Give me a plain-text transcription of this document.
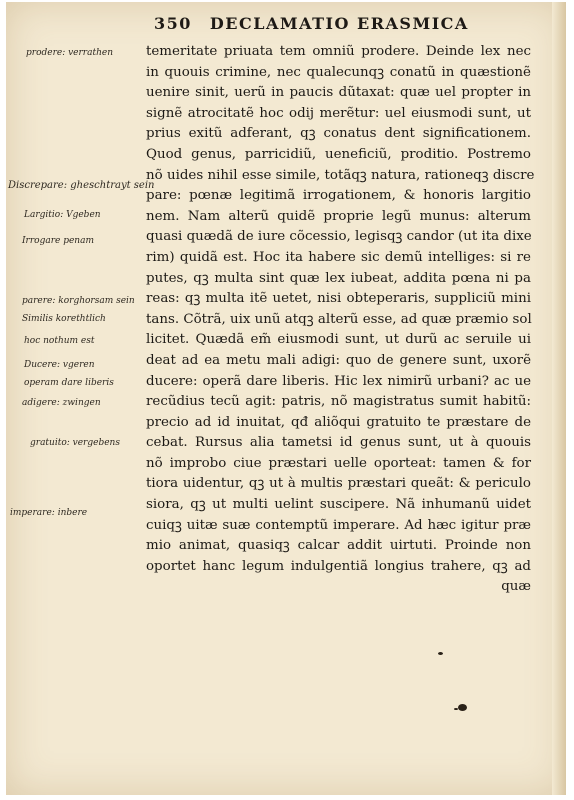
350 DECLAMATIO ERASMICA
temeritate priuata tem omniũ prodere. Deinde lex nec
in quouis crimine, nec qualecunqꝫ conatũ in quæstionẽ
uenire sinit, uerũ in paucis dũtaxat: quæ uel propter in
signẽ atrocitatẽ hoc odij merẽtur: uel eiusmodi sunt, ut
prius exitũ adferant, qꝫ conatus dent significationem.
Quod genus, parricidiũ, ueneficiũ, proditio. Postremo
nõ uides nihil esse simile, totãqꝫ natura, rationeqꝫ discre
pare: pœnæ legitimã irrogationem, & honoris largitio
nem. Nam alterũ quidẽ proprie legũ munus: alterum
quasi quædã de iure cõcessio, legisqꝫ candor (ut ita dixe
rim) quidã est. Hoc ita habere sic demũ intelliges: si re
putes, qꝫ multa sint quæ lex iubeat, addita pœna ni pa
reas: qꝫ multa itẽ uetet, nisi obteperaris, suppliciũ mini
tans. Cõtrã, uix unũ atqꝫ alterũ esse, ad quæ præmio sol
licitet. Quædã em̃ eiusmodi sunt, ut durũ ac seruile ui
deat ad ea metu mali adigi: quo de genere sunt, uxorẽ
ducere: operã dare liberis. Hic lex nimirũ urbani? ac ue
recũdius tecũ agit: patris, nõ magistratus sumit habitũ:
precio ad id inuitat, qđ aliõqui gratuito te præstare de
cebat. Rursus alia tametsi id genus sunt, ut à quouis
nõ improbo ciue præstari uelle oporteat: tamen & for
tiora uidentur, qꝫ ut à multis præstari queãt: & periculo
siora, qꝫ ut multi uelint suscipere. Nã inhumanũ uidet
cuiqꝫ uitæ suæ contemptũ imperare. Ad hæc igitur præ
mio animat, quasiqꝫ calcar addit uirtuti. Proinde non
oportet hanc legum indulgentiã longius trahere, qꝫ ad
quæ
prodere: verrathen
Discrepare: gheschtrayt sein
Largitio: Vgeben
Irrogare penam
parere: korghorsam sein
Similis korethtlich
hoc nothum est
Ducere: vgeren
operam dare liberis
adigere: zwingen
gratuito: vergebens
imperare: inbere
